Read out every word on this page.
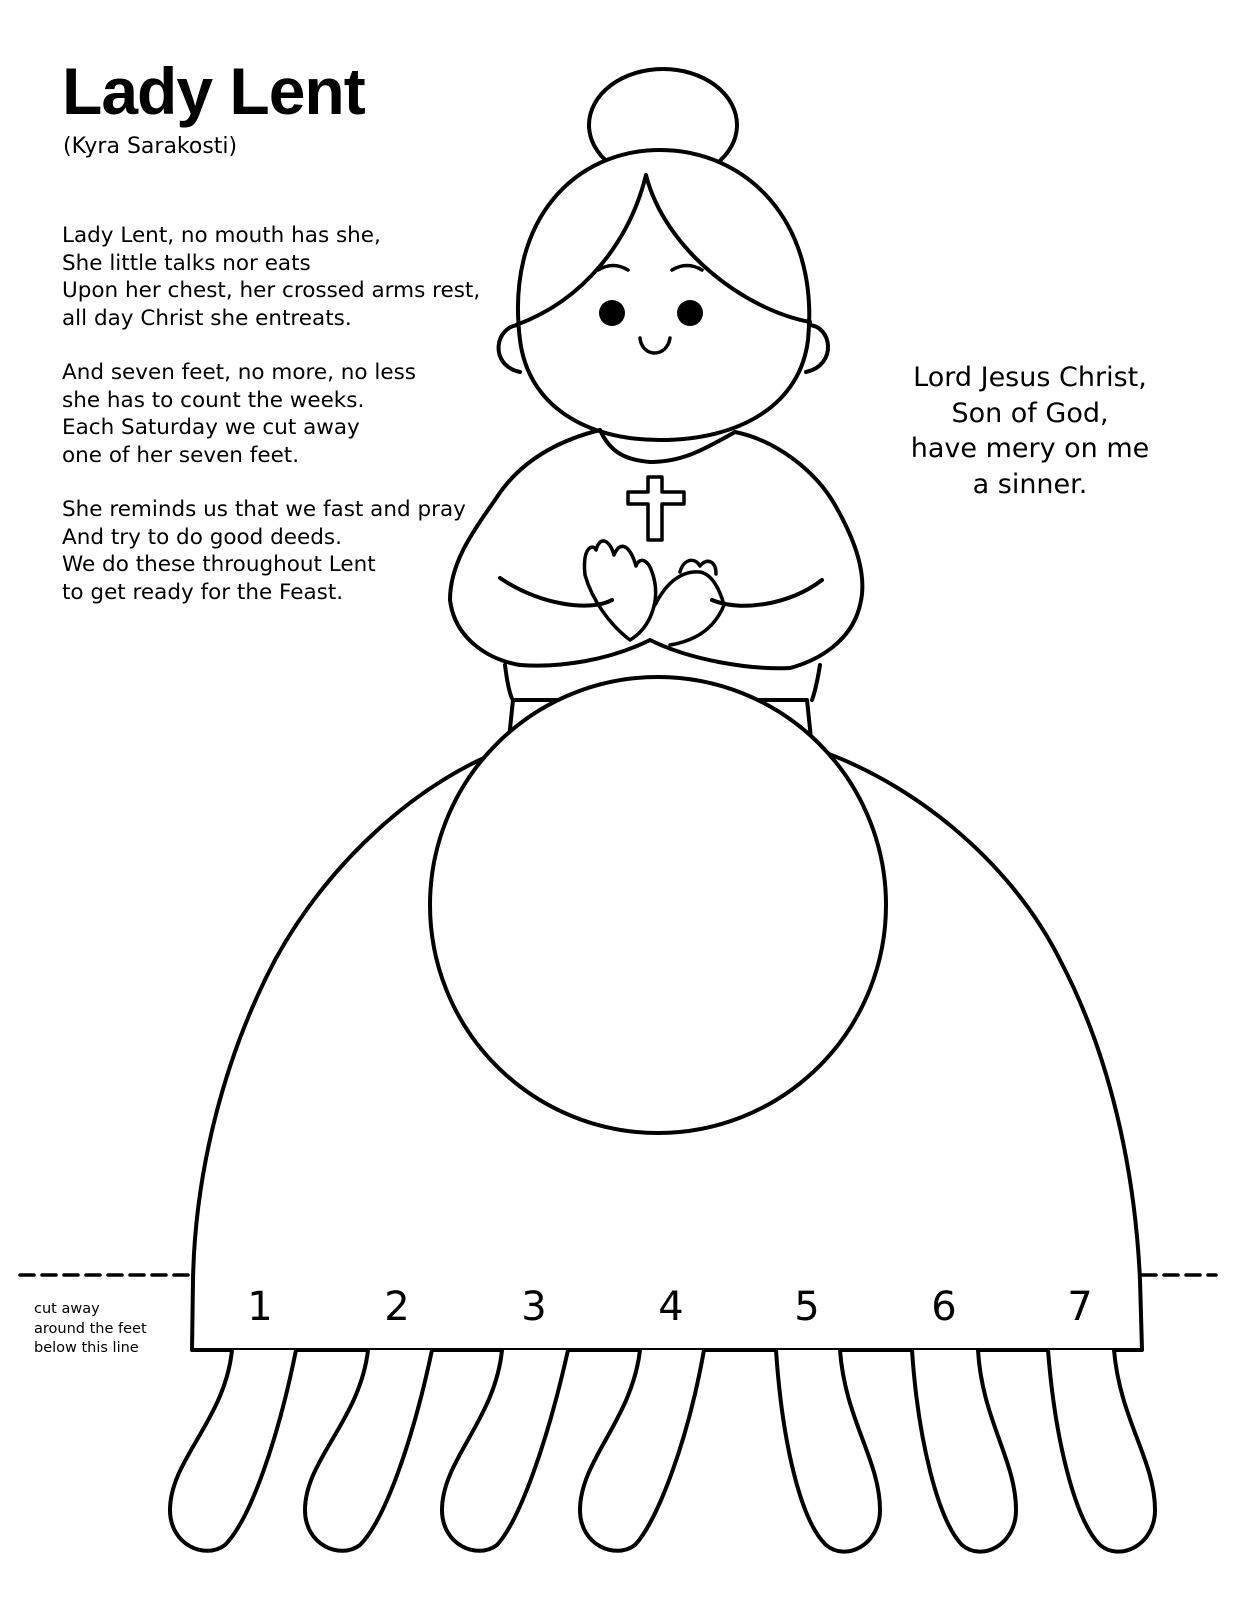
Lady Lent
(Kyra Sarakosti)
Lady Lent, no mouth has she,
She little talks nor eats
Upon her chest, her crossed arms rest,
all day Christ she entreats.
And seven feet, no more, no less
she has to count the weeks.
Each Saturday we cut away
one of her seven feet.
She reminds us that we fast and pray
And try to do good deeds.
We do these throughout Lent
to get ready for the Feast.
Lord Jesus Christ,
Son of God,
have mery on me
a sinner.
cut away
around the feet
below this line
1	2	3	4	5	6	7
